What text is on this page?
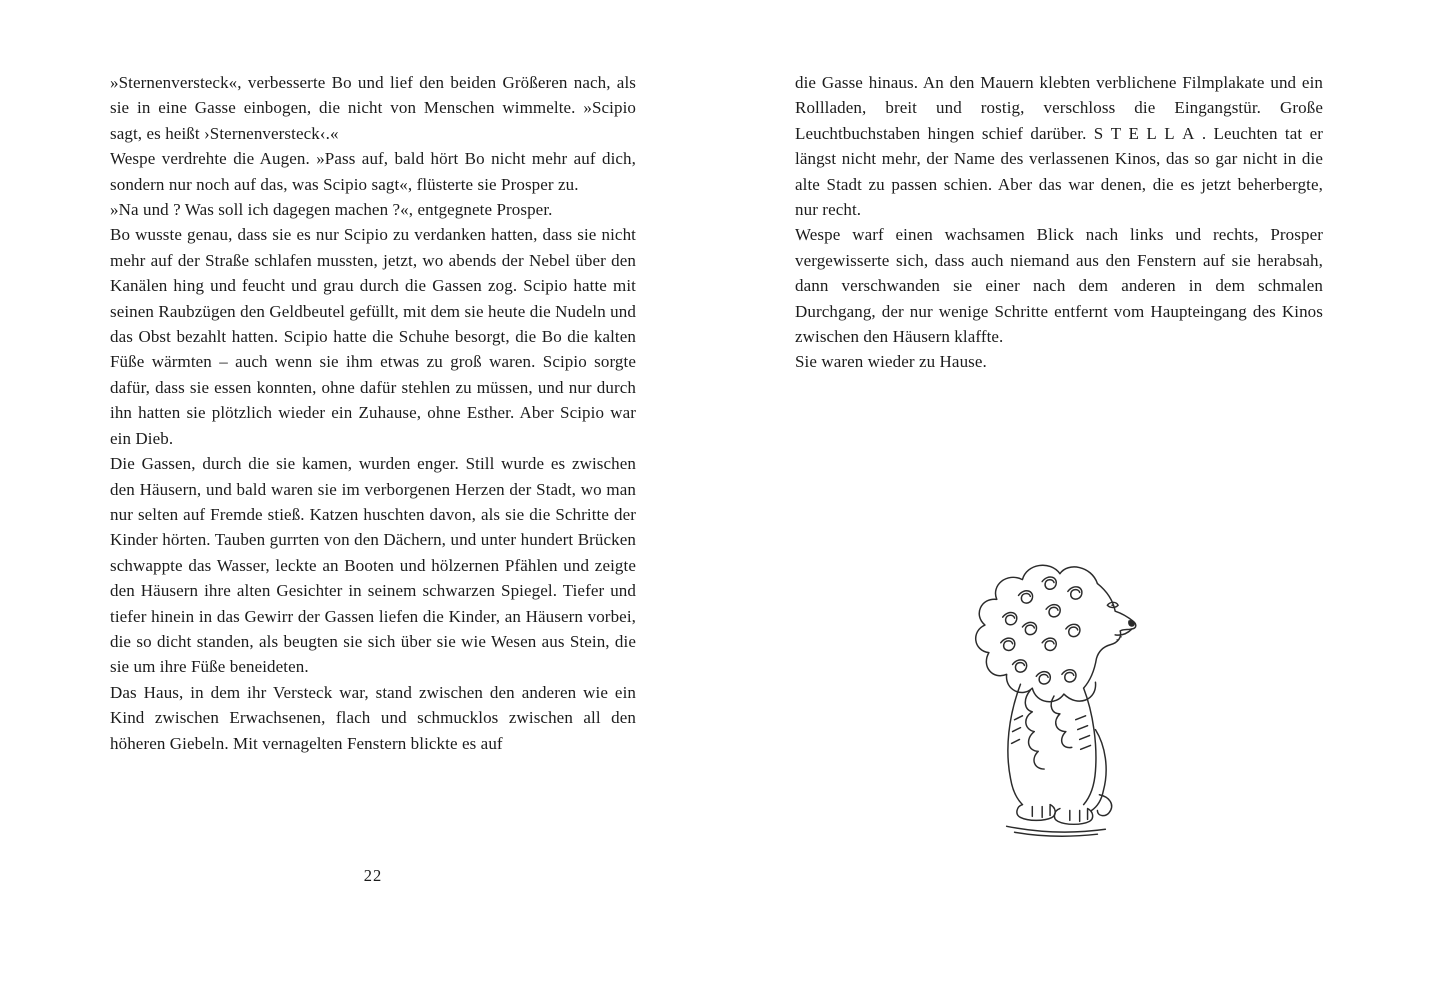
»Sternenversteck«, verbesserte Bo und lief den beiden Größeren nach, als sie in eine Gasse einbogen, die nicht von Menschen wimmelte. »Scipio sagt, es heißt ›Sternenversteck‹.«

Wespe verdrehte die Augen. »Pass auf, bald hört Bo nicht mehr auf dich, sondern nur noch auf das, was Scipio sagt«, flüsterte sie Prosper zu.

»Na und ? Was soll ich dagegen machen ?«, entgegnete Prosper.

Bo wusste genau, dass sie es nur Scipio zu verdanken hatten, dass sie nicht mehr auf der Straße schlafen mussten, jetzt, wo abends der Nebel über den Kanälen hing und feucht und grau durch die Gassen zog. Scipio hatte mit seinen Raubzügen den Geldbeutel gefüllt, mit dem sie heute die Nudeln und das Obst bezahlt hatten. Scipio hatte die Schuhe besorgt, die Bo die kalten Füße wärmten – auch wenn sie ihm etwas zu groß waren. Scipio sorgte dafür, dass sie essen konnten, ohne dafür stehlen zu müssen, und nur durch ihn hatten sie plötzlich wieder ein Zuhause, ohne Esther. Aber Scipio war ein Dieb.

Die Gassen, durch die sie kamen, wurden enger. Still wurde es zwischen den Häusern, und bald waren sie im verborgenen Herzen der Stadt, wo man nur selten auf Fremde stieß. Katzen huschten davon, als sie die Schritte der Kinder hörten. Tauben gurrten von den Dächern, und unter hundert Brücken schwappte das Wasser, leckte an Booten und hölzernen Pfählen und zeigte den Häusern ihre alten Gesichter in seinem schwarzen Spiegel. Tiefer und tiefer hinein in das Gewirr der Gassen liefen die Kinder, an Häusern vorbei, die so dicht standen, als beugten sie sich über sie wie Wesen aus Stein, die sie um ihre Füße beneideten.

Das Haus, in dem ihr Versteck war, stand zwischen den anderen wie ein Kind zwischen Erwachsenen, flach und schmucklos zwischen all den höheren Giebeln. Mit vernagelten Fenstern blickte es auf

22

die Gasse hinaus. An den Mauern klebten verblichene Filmplakate und ein Rollladen, breit und rostig, verschloss die Eingangstür. Große Leuchtbuchstaben hingen schief darüber. S T E L L A . Leuchten tat er längst nicht mehr, der Name des verlassenen Kinos, das so gar nicht in die alte Stadt zu passen schien. Aber das war denen, die es jetzt beherbergte, nur recht.

Wespe warf einen wachsamen Blick nach links und rechts, Prosper vergewisserte sich, dass auch niemand aus den Fenstern auf sie herabsah, dann verschwanden sie einer nach dem anderen in dem schmalen Durchgang, der nur wenige Schritte entfernt vom Haupteingang des Kinos zwischen den Häusern klaffte.

Sie waren wieder zu Hause.
